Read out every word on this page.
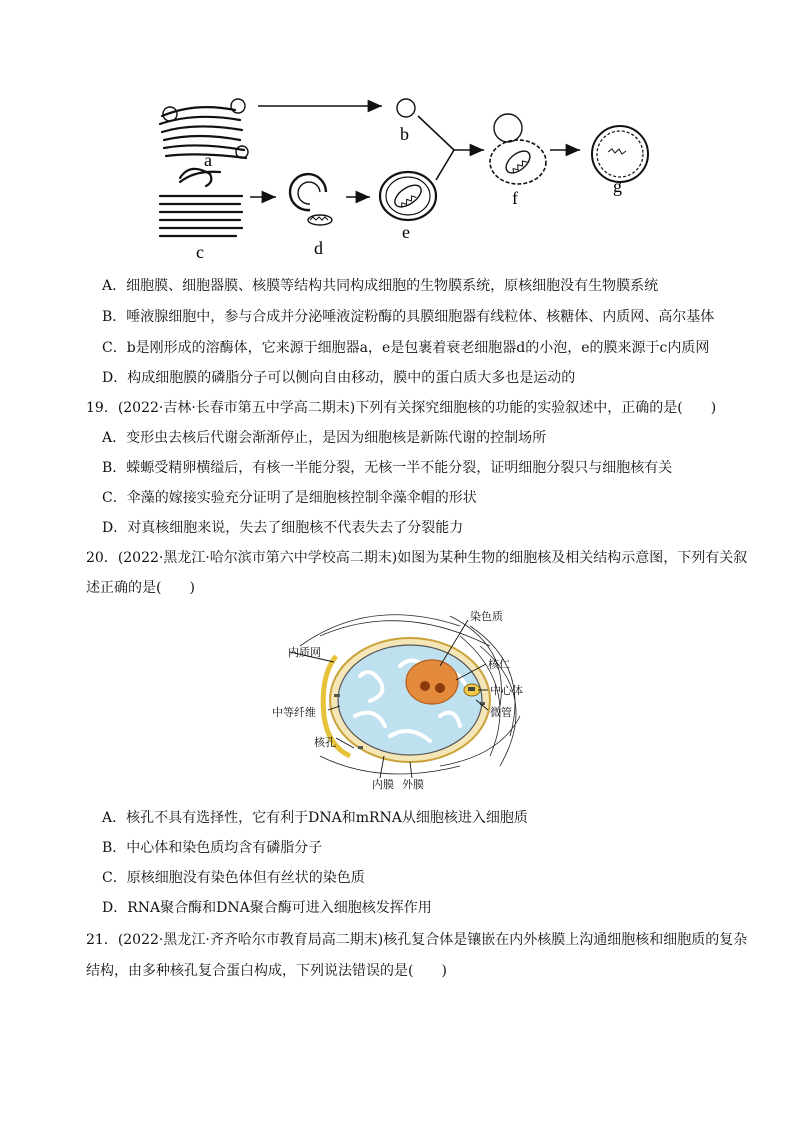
a
c
b
d
e
f
g
A．细胞膜、细胞器膜、核膜等结构共同构成细胞的生物膜系统，原核细胞没有生物膜系统
B．唾液腺细胞中，参与合成并分泌唾液淀粉酶的具膜细胞器有线粒体、核糖体、内质网、高尔基体
C．b是刚形成的溶酶体，它来源于细胞器a，e是包裹着衰老细胞器d的小泡，e的膜来源于c内质网
D．构成细胞膜的磷脂分子可以侧向自由移动，膜中的蛋白质大多也是运动的
19．(2022·吉林·长春市第五中学高二期末)下列有关探究细胞核的功能的实验叙述中，正确的是(　　)
A．变形虫去核后代谢会渐渐停止，是因为细胞核是新陈代谢的控制场所
B．蝾螈受精卵横缢后，有核一半能分裂，无核一半不能分裂，证明细胞分裂只与细胞核有关
C．伞藻的嫁接实验充分证明了是细胞核控制伞藻伞帽的形状
D．对真核细胞来说，失去了细胞核不代表失去了分裂能力
20．(2022·黑龙江·哈尔滨市第六中学校高二期末)如图为某种生物的细胞核及相关结构示意图，下列有关叙
述正确的是(　　)
染色质
内质网
核仁
中心体
中等纤维	微管
核孔
内膜 外膜
A．核孔不具有选择性，它有利于DNA和mRNA从细胞核进入细胞质
B．中心体和染色质均含有磷脂分子
C．原核细胞没有染色体但有丝状的染色质
D．RNA聚合酶和DNA聚合酶可进入细胞核发挥作用
21．(2022·黑龙江·齐齐哈尔市教育局高二期末)核孔复合体是镶嵌在内外核膜上沟通细胞核和细胞质的复杂
结构，由多种核孔复合蛋白构成，下列说法错误的是(　　)
